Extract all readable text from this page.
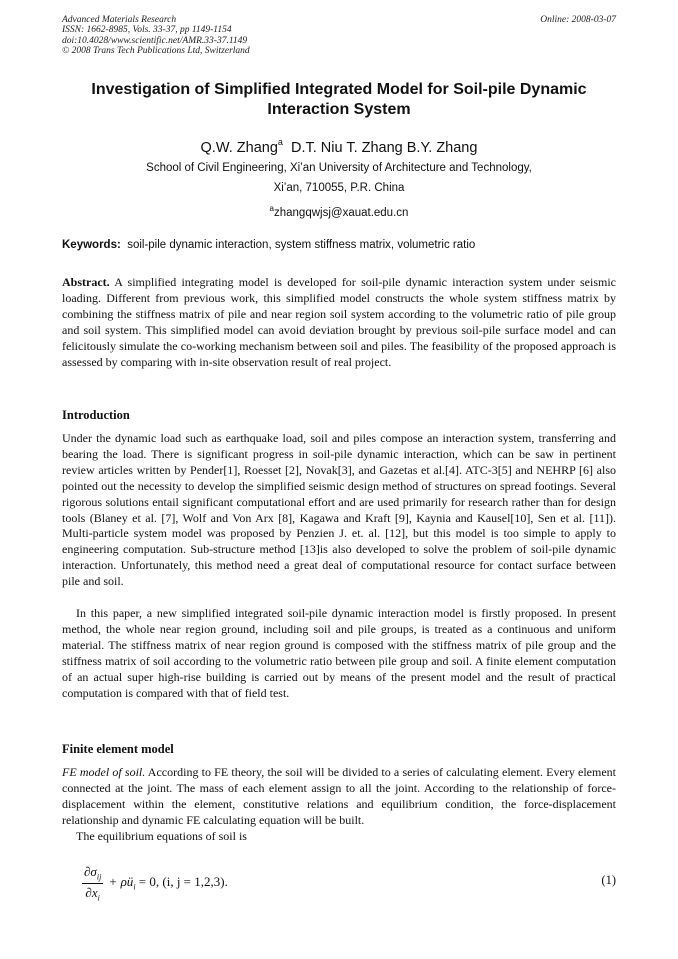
Advanced Materials Research
ISSN: 1662-8985, Vols. 33-37, pp 1149-1154
doi:10.4028/www.scientific.net/AMR.33-37.1149
© 2008 Trans Tech Publications Ltd, Switzerland
Online: 2008-03-07
Investigation of Simplified Integrated Model for Soil-pile Dynamic Interaction System
Q.W. Zhang$^a$ D.T. Niu T. Zhang B.Y. Zhang
School of Civil Engineering, Xi’an University of Architecture and Technology,
Xi’an, 710055, P.R. China
$^a$zhangqwjsj@xauat.edu.cn
Keywords: soil-pile dynamic interaction, system stiffness matrix, volumetric ratio

Abstract. A simplified integrating model is developed for soil-pile dynamic interaction system under seismic loading. Different from previous work, this simplified model constructs the whole system stiffness matrix by combining the stiffness matrix of pile and near region soil system according to the volumetric ratio of pile group and soil system. This simplified model can avoid deviation brought by previous soil-pile surface model and can felicitously simulate the co-working mechanism between soil and piles. The feasibility of the proposed approach is assessed by comparing with in-site observation result of real project.

Introduction

Under the dynamic load such as earthquake load, soil and piles compose an interaction system, transferring and bearing the load. There is significant progress in soil-pile dynamic interaction, which can be saw in pertinent review articles written by Pender[1], Roesset [2], Novak[3], and Gazetas et al.[4]. ATC-3[5] and NEHRP [6] also pointed out the necessity to develop the simplified seismic design method of structures on spread footings. Several rigorous solutions entail significant computational effort and are used primarily for research rather than for design tools (Blaney et al. [7], Wolf and Von Arx [8], Kagawa and Kraft [9], Kaynia and Kausel[10], Sen et al. [11]). Multi-particle system model was proposed by Penzien J. et. al. [12], but this model is too simple to apply to engineering computation. Sub-structure method [13]is also developed to solve the problem of soil-pile dynamic interaction. Unfortunately, this method need a great deal of computational resource for contact surface between pile and soil.

In this paper, a new simplified integrated soil-pile dynamic interaction model is firstly proposed. In present method, the whole near region ground, including soil and pile groups, is treated as a continuous and uniform material. The stiffness matrix of near region ground is composed with the stiffness matrix of pile group and the stiffness matrix of soil according to the volumetric ratio between pile group and soil. A finite element computation of an actual super high-rise building is carried out by means of the present model and the result of practical computation is compared with that of field test.

Finite element model

FE model of soil. According to FE theory, the soil will be divided to a series of calculating element. Every element connected at the joint. The mass of each element assign to all the joint. According to the relationship of force-displacement within the element, constitutive relations and equilibrium condition, the force-displacement relationship and dynamic FE calculating equation will be built.

The equilibrium equations of soil is

$\frac{\partial\sigma_{ij}}{\partial x_i}$ + $\rho ü_i = 0$, (i, j = 1,2,3).	(1)
